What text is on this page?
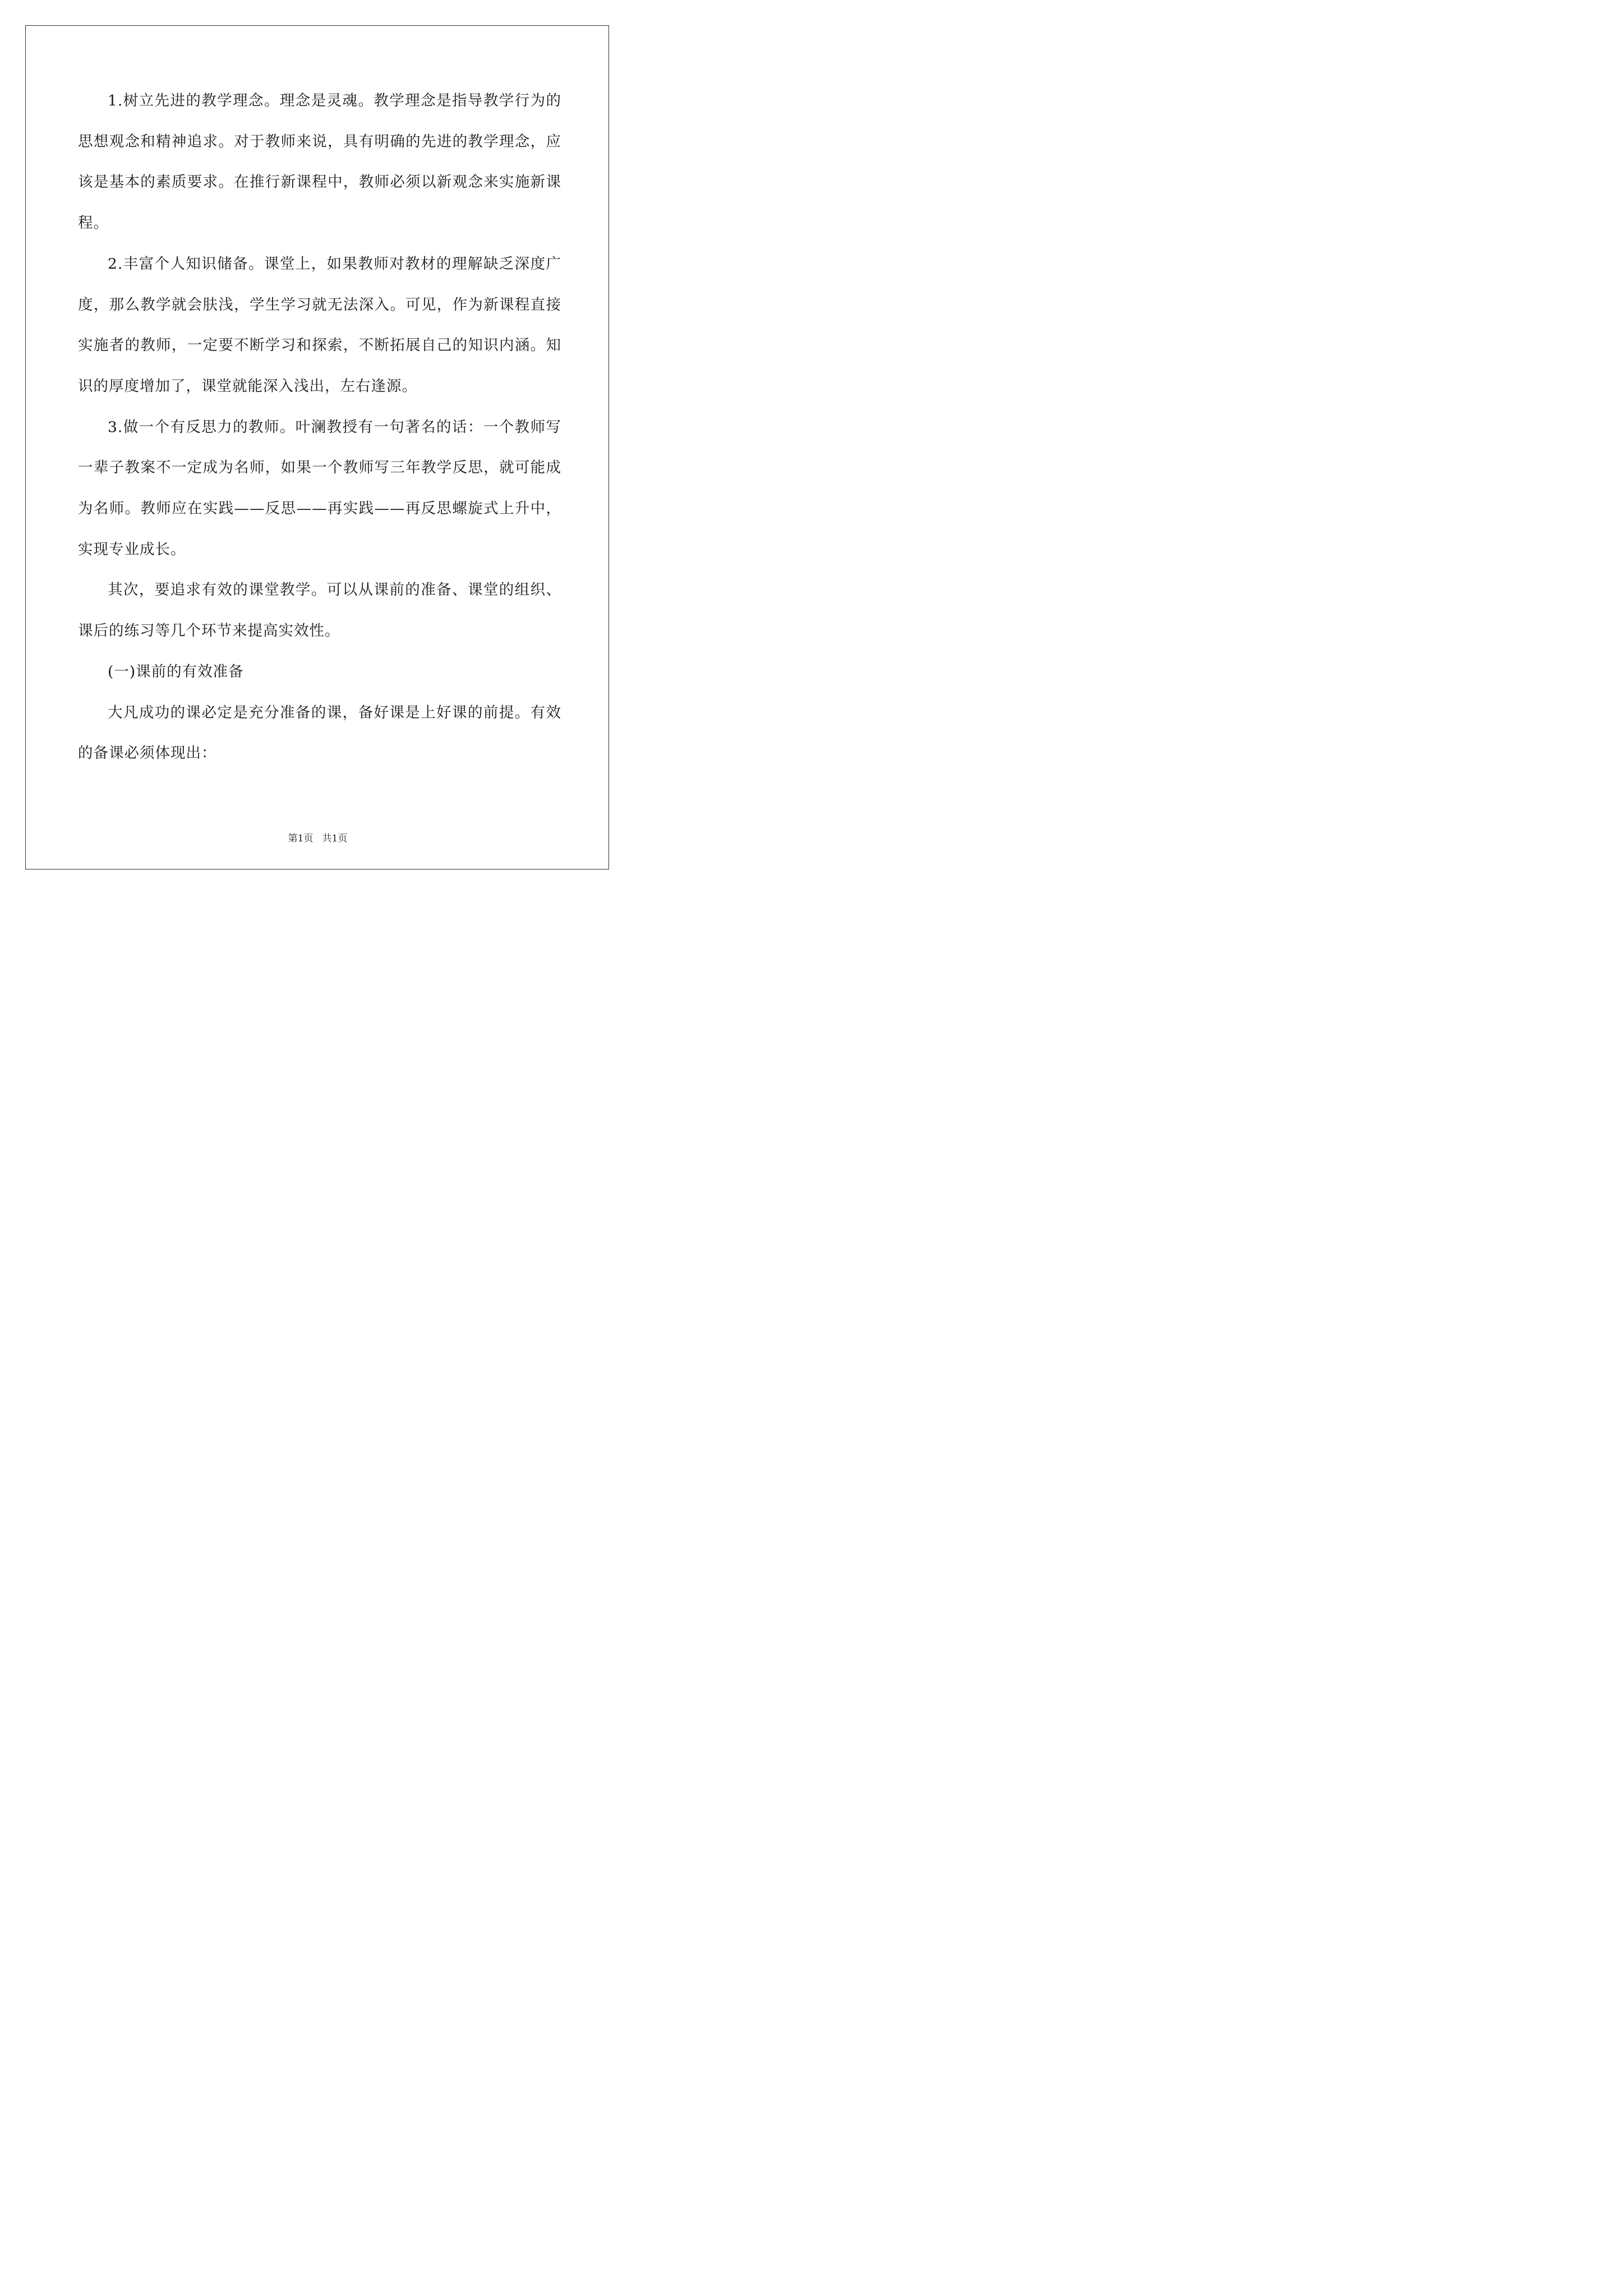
1.树立先进的教学理念。理念是灵魂。教学理念是指导教学行为的思想观念和精神追求。对于教师来说，具有明确的先进的教学理念，应该是基本的素质要求。在推行新课程中，教师必须以新观念来实施新课程。

2.丰富个人知识储备。课堂上，如果教师对教材的理解缺乏深度广度，那么教学就会肤浅，学生学习就无法深入。可见，作为新课程直接实施者的教师，一定要不断学习和探索，不断拓展自己的知识内涵。知识的厚度增加了，课堂就能深入浅出，左右逢源。

3.做一个有反思力的教师。叶澜教授有一句著名的话：一个教师写一辈子教案不一定成为名师，如果一个教师写三年教学反思，就可能成为名师。教师应在实践——反思——再实践——再反思螺旋式上升中，实现专业成长。

其次，要追求有效的课堂教学。可以从课前的准备、课堂的组织、课后的练习等几个环节来提高实效性。

(一)课前的有效准备

大凡成功的课必定是充分准备的课，备好课是上好课的前提。有效的备课必须体现出：

第1页 共1页
